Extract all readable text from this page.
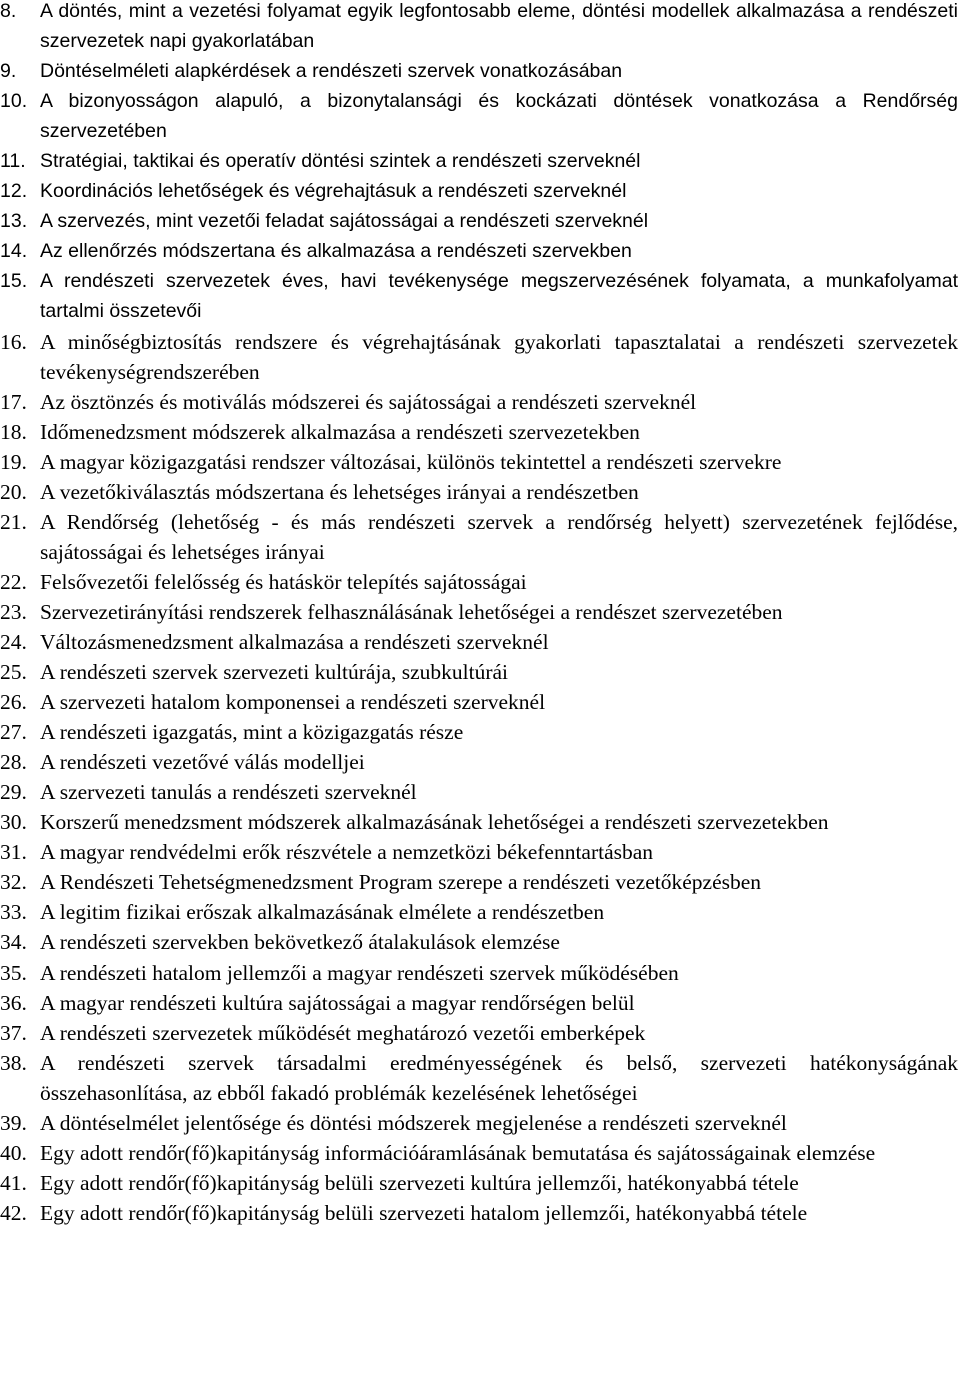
8.	A döntés, mint a vezetési folyamat egyik legfontosabb eleme, döntési modellek alkalmazása a rendészeti szervezetek napi gyakorlatában
9.	Döntéselméleti alapkérdések a rendészeti szervek vonatkozásában
10. A bizonyosságon alapuló, a bizonytalansági és kockázati döntések vonatkozása a Rendőrség szervezetében
11. Stratégiai, taktikai és operatív döntési szintek a rendészeti szerveknél
12. Koordinációs lehetőségek és végrehajtásuk a rendészeti szerveknél
13. A szervezés, mint vezetői feladat sajátosságai a rendészeti szerveknél
14. Az ellenőrzés módszertana és alkalmazása a rendészeti szervekben
15. A rendészeti szervezetek éves, havi tevékenysége megszervezésének folyamata, a munkafolyamat tartalmi összetevői
16. A minőségbiztosítás rendszere és végrehajtásának gyakorlati tapasztalatai a rendészeti szervezetek tevékenységrendszerében
17. Az ösztönzés és motiválás módszerei és sajátosságai a rendészeti szerveknél
18. Időmenedzsment módszerek alkalmazása a rendészeti szervezetekben
19. A magyar közigazgatási rendszer változásai, különös tekintettel a rendészeti szervekre
20. A vezetőkiválasztás módszertana és lehetséges irányai a rendészetben
21. A Rendőrség (lehetőség - és más rendészeti szervek a rendőrség helyett) szervezetének fejlődése, sajátosságai és lehetséges irányai
22. Felsővezetői felelősség és hatáskör telepítés sajátosságai
23. Szervezetirányítási rendszerek felhasználásának lehetőségei a rendészet szervezetében
24. Változásmenedzsment alkalmazása a rendészeti szerveknél
25. A rendészeti szervek szervezeti kultúrája, szubkultúrái
26. A szervezeti hatalom komponensei a rendészeti szerveknél
27. A rendészeti igazgatás, mint a közigazgatás része
28. A rendészeti vezetővé válás modelljei
29. A szervezeti tanulás a rendészeti szerveknél
30. Korszerű menedzsment módszerek alkalmazásának lehetőségei a rendészeti szervezetekben
31. A magyar rendvédelmi erők részvétele a nemzetközi békefenntartásban
32. A Rendészeti Tehetségmenedzsment Program szerepe a rendészeti vezetőképzésben
33. A legitim fizikai erőszak alkalmazásának elmélete a rendészetben
34. A rendészeti szervekben bekövetkező átalakulások elemzése
35. A rendészeti hatalom jellemzői a magyar rendészeti szervek működésében
36. A magyar rendészeti kultúra sajátosságai a magyar rendőrségen belül
37. A rendészeti szervezetek működését meghatározó vezetői emberképek
38. A rendészeti szervek társadalmi eredményességének és belső, szervezeti hatékonyságának összehasonlítása, az ebből fakadó problémák kezelésének lehetőségei
39. A döntéselmélet jelentősége és döntési módszerek megjelenése a rendészeti szerveknél
40. Egy adott rendőr(fő)kapitányság információáramlásának bemutatása és sajátosságainak elemzése
41. Egy adott rendőr(fő)kapitányság belüli szervezeti kultúra jellemzői, hatékonyabbá tétele
42. Egy adott rendőr(fő)kapitányság belüli szervezeti hatalom jellemzői, hatékonyabbá tétele
